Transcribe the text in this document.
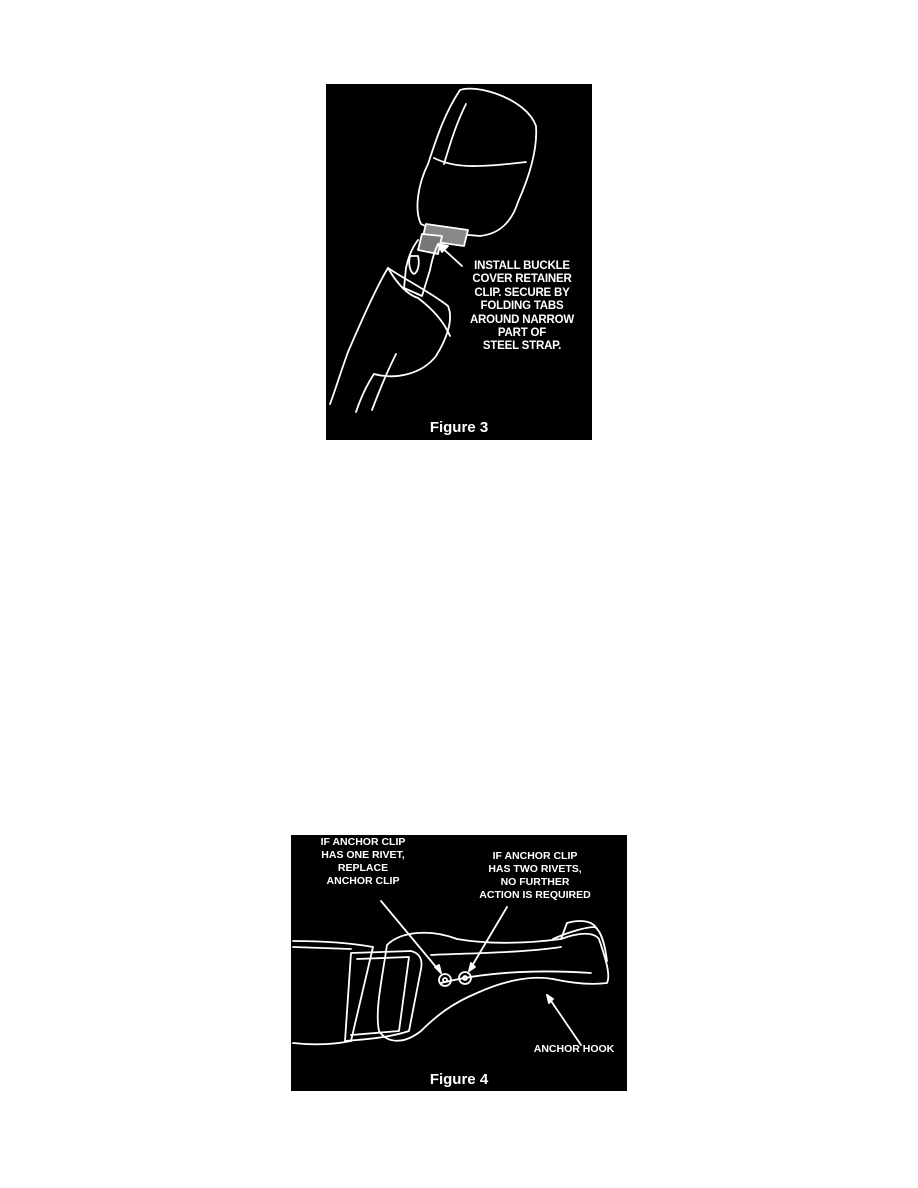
INSTALL BUCKLE
COVER RETAINER
CLIP. SECURE BY
FOLDING TABS
AROUND NARROW
PART OF
STEEL STRAP.
Figure 3
IF ANCHOR CLIP
HAS ONE RIVET,
REPLACE
ANCHOR CLIP
IF ANCHOR CLIP
HAS TWO RIVETS,
NO FURTHER
ACTION IS REQUIRED
ANCHOR HOOK
Figure 4
